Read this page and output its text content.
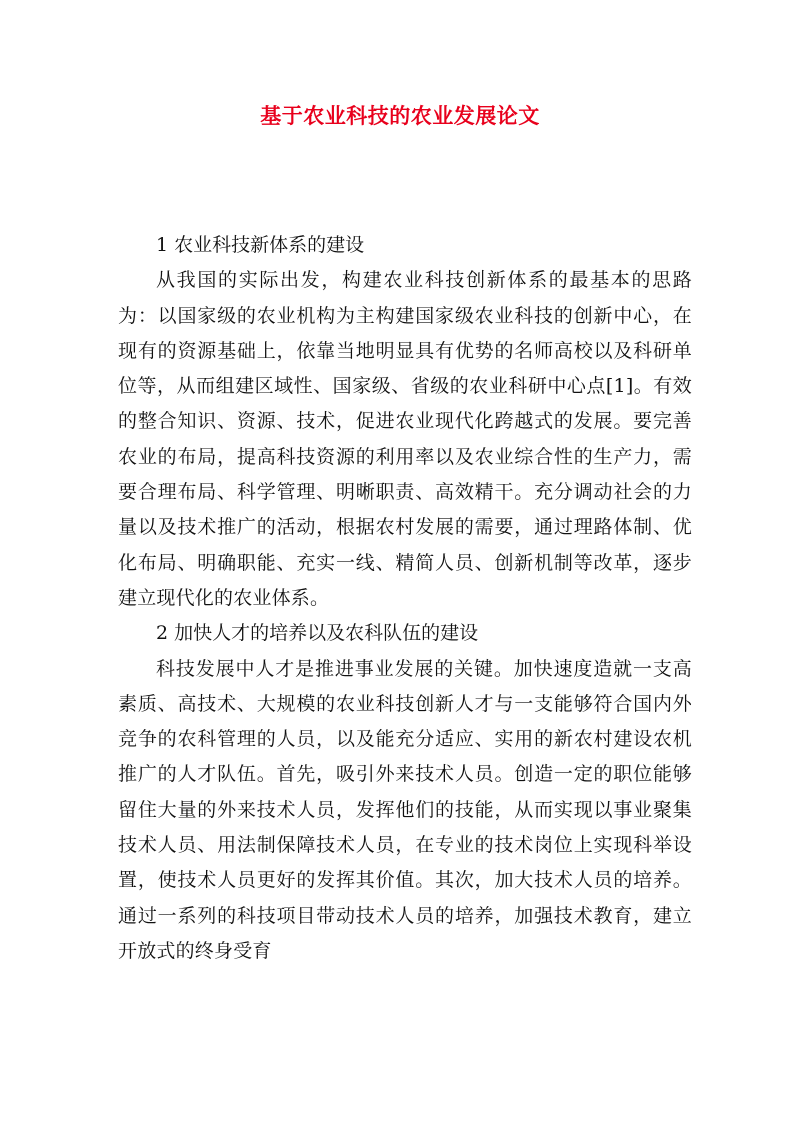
基于农业科技的农业发展论文

1 农业科技新体系的建设

从我国的实际出发，构建农业科技创新体系的最基本的思路为：以国家级的农业机构为主构建国家级农业科技的创新中心，在现有的资源基础上，依靠当地明显具有优势的名师高校以及科研单位等，从而组建区域性、国家级、省级的农业科研中心点[1]。有效的整合知识、资源、技术，促进农业现代化跨越式的发展。要完善农业的布局，提高科技资源的利用率以及农业综合性的生产力，需要合理布局、科学管理、明晰职责、高效精干。充分调动社会的力量以及技术推广的活动，根据农村发展的需要，通过理路体制、优化布局、明确职能、充实一线、精简人员、创新机制等改革，逐步建立现代化的农业体系。

2 加快人才的培养以及农科队伍的建设

科技发展中人才是推进事业发展的关键。加快速度造就一支高素质、高技术、大规模的农业科技创新人才与一支能够符合国内外竞争的农科管理的人员，以及能充分适应、实用的新农村建设农机推广的人才队伍。首先，吸引外来技术人员。创造一定的职位能够留住大量的外来技术人员，发挥他们的技能，从而实现以事业聚集技术人员、用法制保障技术人员，在专业的技术岗位上实现科举设置，使技术人员更好的发挥其价值。其次，加大技术人员的培养。通过一系列的科技项目带动技术人员的培养，加强技术教育，建立开放式的终身受育
